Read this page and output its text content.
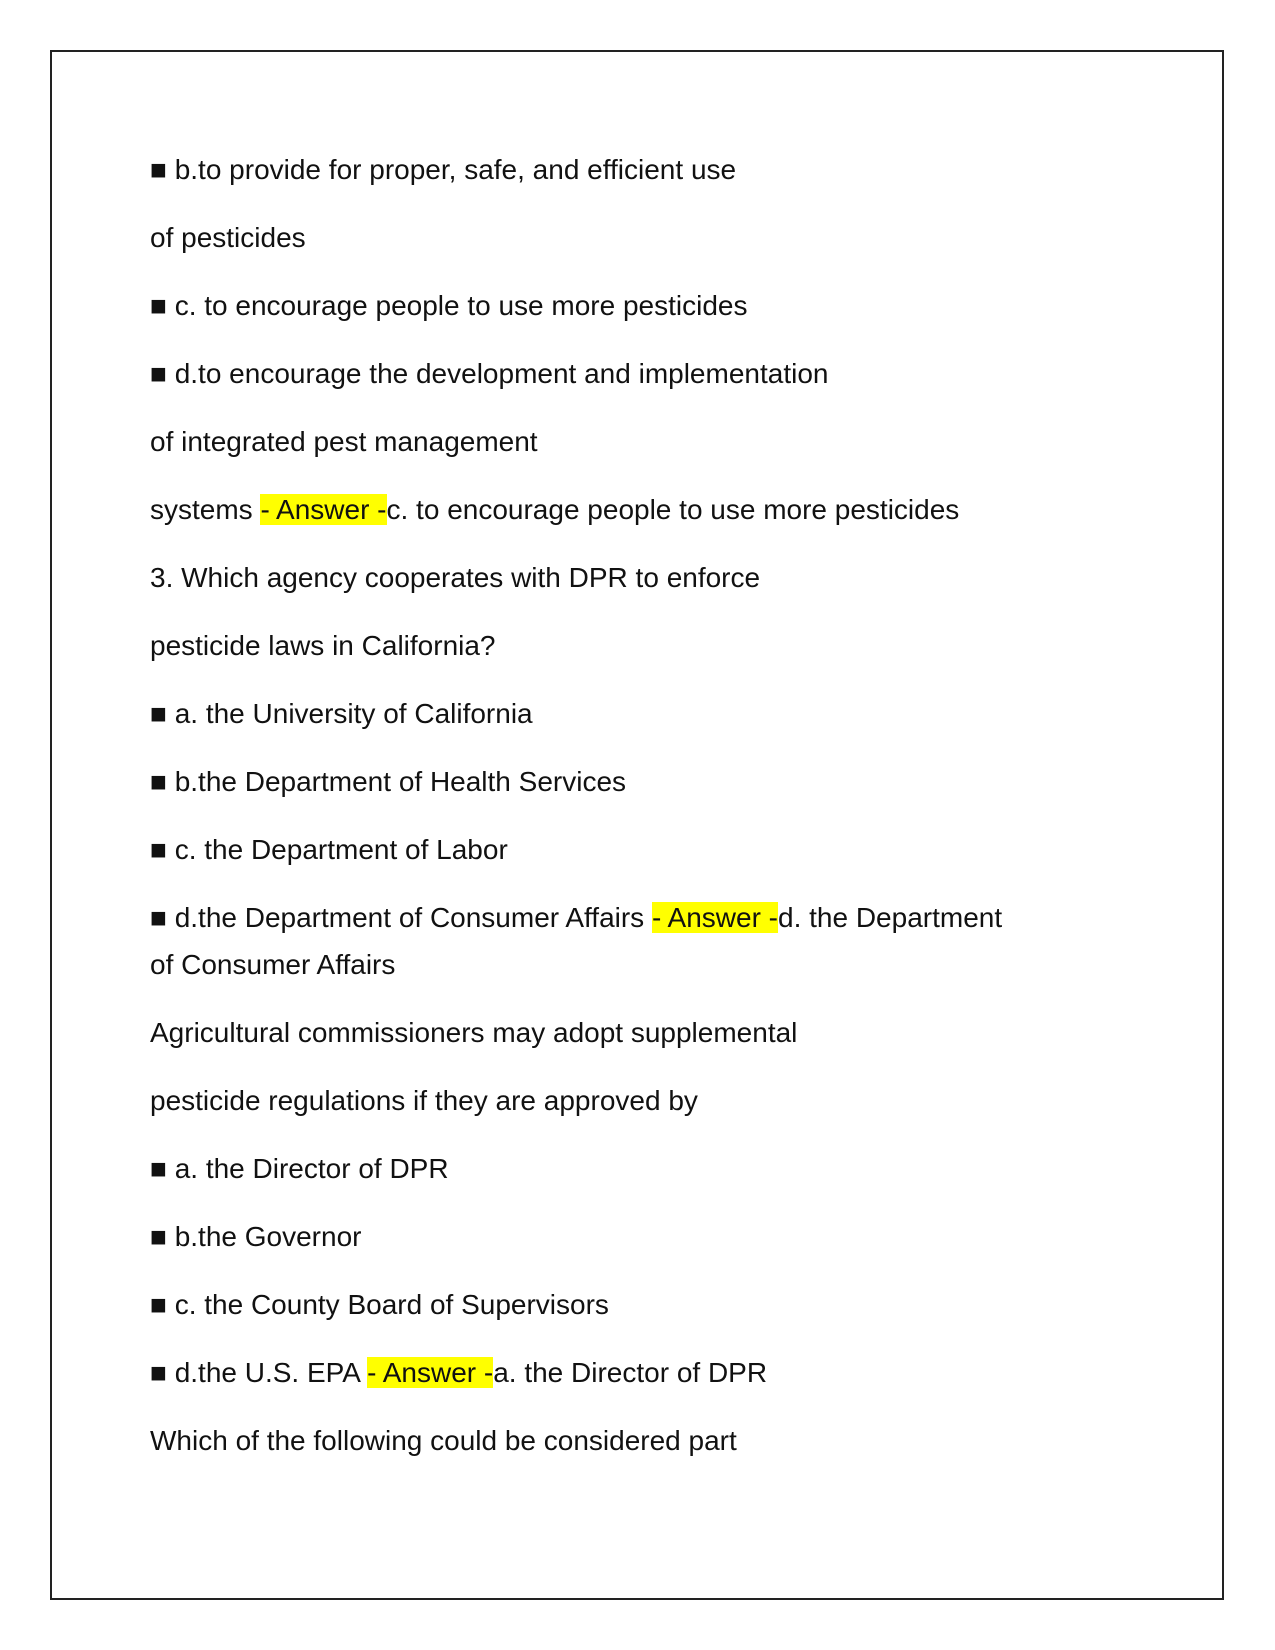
■ b.to provide for proper, safe, and efficient use
of pesticides
■ c. to encourage people to use more pesticides
■ d.to encourage the development and implementation
of integrated pest management
systems - Answer -c. to encourage people to use more pesticides
3. Which agency cooperates with DPR to enforce
pesticide laws in California?
■ a. the University of California
■ b.the Department of Health Services
■ c. the Department of Labor
■ d.the Department of Consumer Affairs - Answer -d. the Department
of Consumer Affairs
Agricultural commissioners may adopt supplemental
pesticide regulations if they are approved by
■ a. the Director of DPR
■ b.the Governor
■ c. the County Board of Supervisors
■ d.the U.S. EPA - Answer -a. the Director of DPR
Which of the following could be considered part
